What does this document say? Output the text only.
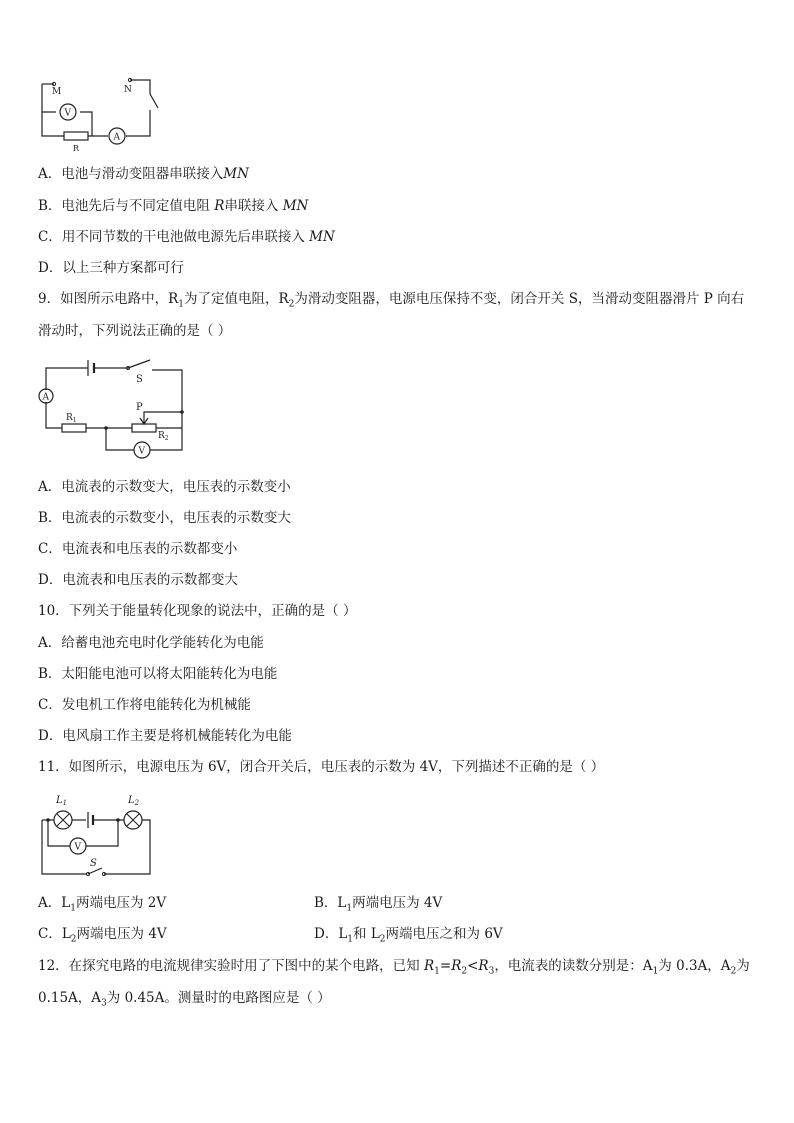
M	N
V
R
A
A．电池与滑动变阻器串联接入MN
B．电池先后与不同定值电阻 R串联接入 MN
C．用不同节数的干电池做电源先后串联接入 MN
D．以上三种方案都可行
9．如图所示电路中，$R_1$为了定值电阻，$R_2$为滑动变阻器，电源电压保持不变，闭合开关 S，当滑动变阻器滑片 P 向右
滑动时，下列说法正确的是（ ）
S
A
$R_1$
P
$R_2$
V
A．电流表的示数变大，电压表的示数变小
B．电流表的示数变小，电压表的示数变大
C．电流表和电压表的示数都变小
D．电流表和电压表的示数都变大
10．下列关于能量转化现象的说法中，正确的是（ ）
A．给蓄电池充电时化学能转化为电能
B．太阳能电池可以将太阳能转化为电能
C．发电机工作将电能转化为机械能
D．电风扇工作主要是将机械能转化为电能
11．如图所示，电源电压为 6V，闭合开关后，电压表的示数为 4V，下列描述不正确的是（ ）
$L_1$	$L_2$
V
S
A．$L_1$两端电压为 2V	B．$L_1$两端电压为 4V
C．$L_2$两端电压为 4V	D．$L_1$和 $L_2$两端电压之和为 6V
12．在探究电路的电流规律实验时用了下图中的某个电路，已知 $R_1=R_2<R_3$，电流表的读数分别是：$A_1$为 0.3A，$A_2$为
0.15A，$A_3$为 0.45A。测量时的电路图应是（ ）
